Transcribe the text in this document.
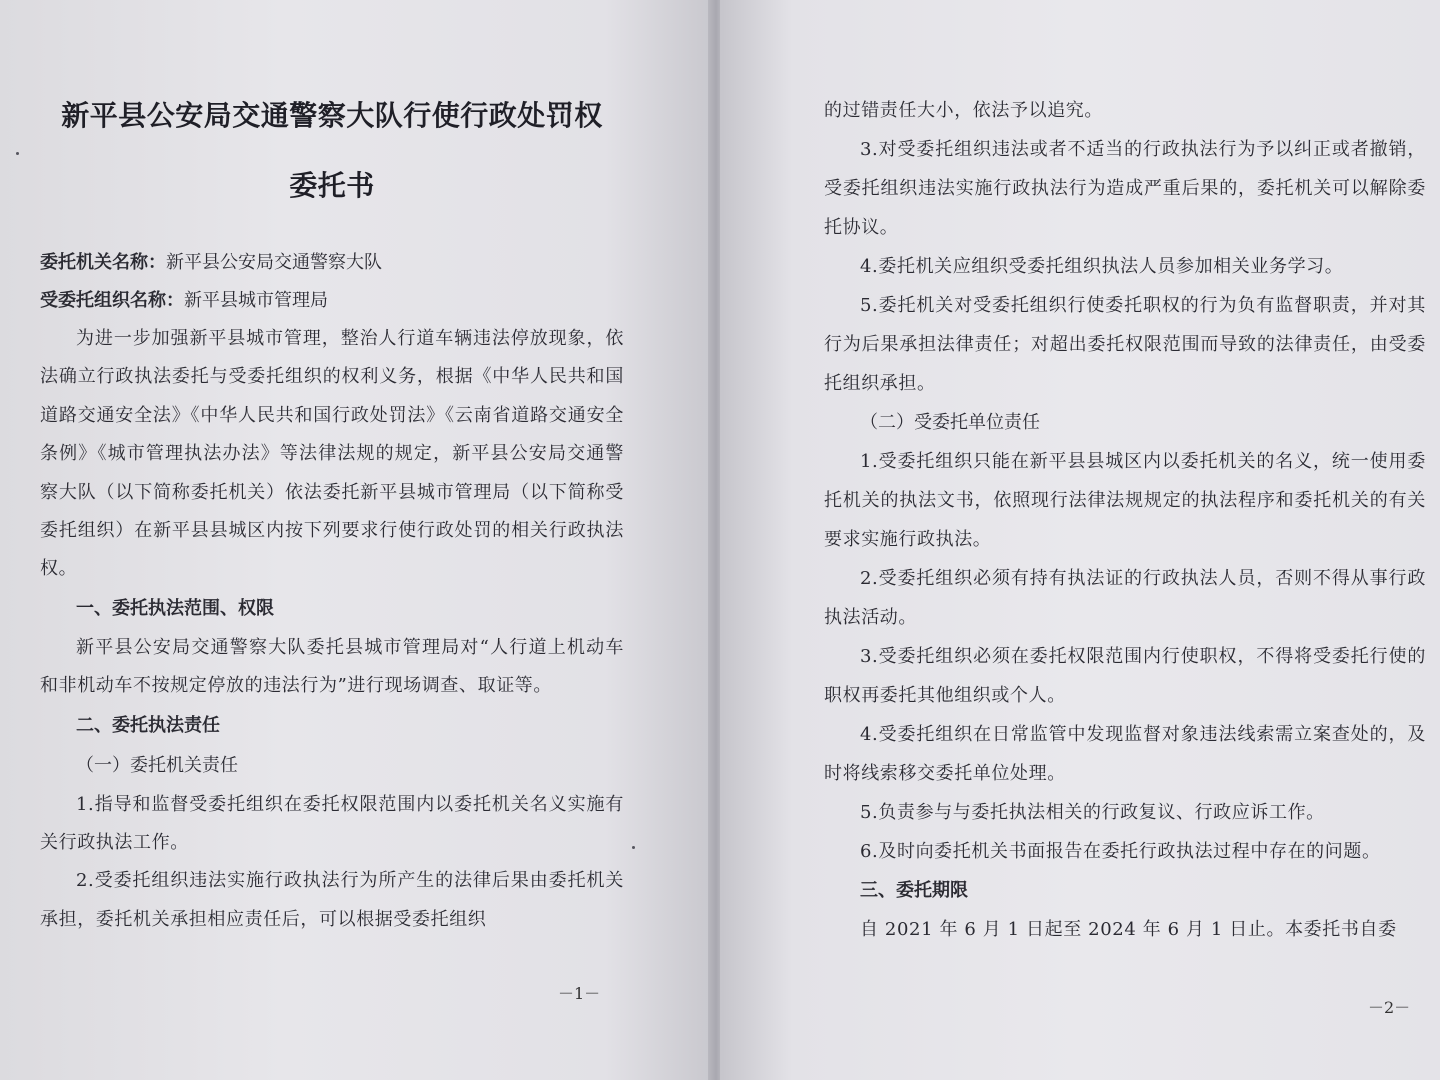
新平县公安局交通警察大队行使行政处罚权
委托书
委托机关名称：新平县公安局交通警察大队
受委托组织名称：新平县城市管理局

为进一步加强新平县城市管理，整治人行道车辆违法停放现象，依法确立行政执法委托与受委托组织的权利义务，根据《中华人民共和国道路交通安全法》《中华人民共和国行政处罚法》《云南省道路交通安全条例》《城市管理执法办法》等法律法规的规定，新平县公安局交通警察大队（以下简称委托机关）依法委托新平县城市管理局（以下简称受委托组织）在新平县县城区内按下列要求行使行政处罚的相关行政执法权。

一、委托执法范围、权限

新平县公安局交通警察大队委托县城市管理局对“人行道上机动车和非机动车不按规定停放的违法行为”进行现场调查、取证等。

二、委托执法责任
（一）委托机关责任

1.指导和监督受委托组织在委托权限范围内以委托机关名义实施有关行政执法工作。

2.受委托组织违法实施行政执法行为所产生的法律后果由委托机关承担，委托机关承担相应责任后，可以根据受委托组织

－1－

的过错责任大小，依法予以追究。

3.对受委托组织违法或者不适当的行政执法行为予以纠正或者撤销，受委托组织违法实施行政执法行为造成严重后果的，委托机关可以解除委托协议。

4.委托机关应组织受委托组织执法人员参加相关业务学习。

5.委托机关对受委托组织行使委托职权的行为负有监督职责，并对其行为后果承担法律责任；对超出委托权限范围而导致的法律责任，由受委托组织承担。

（二）受委托单位责任

1.受委托组织只能在新平县县城区内以委托机关的名义，统一使用委托机关的执法文书，依照现行法律法规规定的执法程序和委托机关的有关要求实施行政执法。

2.受委托组织必须有持有执法证的行政执法人员，否则不得从事行政执法活动。

3.受委托组织必须在委托权限范围内行使职权，不得将受委托行使的职权再委托其他组织或个人。

4.受委托组织在日常监管中发现监督对象违法线索需立案查处的，及时将线索移交委托单位处理。

5.负责参与与委托执法相关的行政复议、行政应诉工作。

6.及时向委托机关书面报告在委托行政执法过程中存在的问题。

三、委托期限

自 2021 年 6 月 1 日起至 2024 年 6 月 1 日止。本委托书自委

－2－
